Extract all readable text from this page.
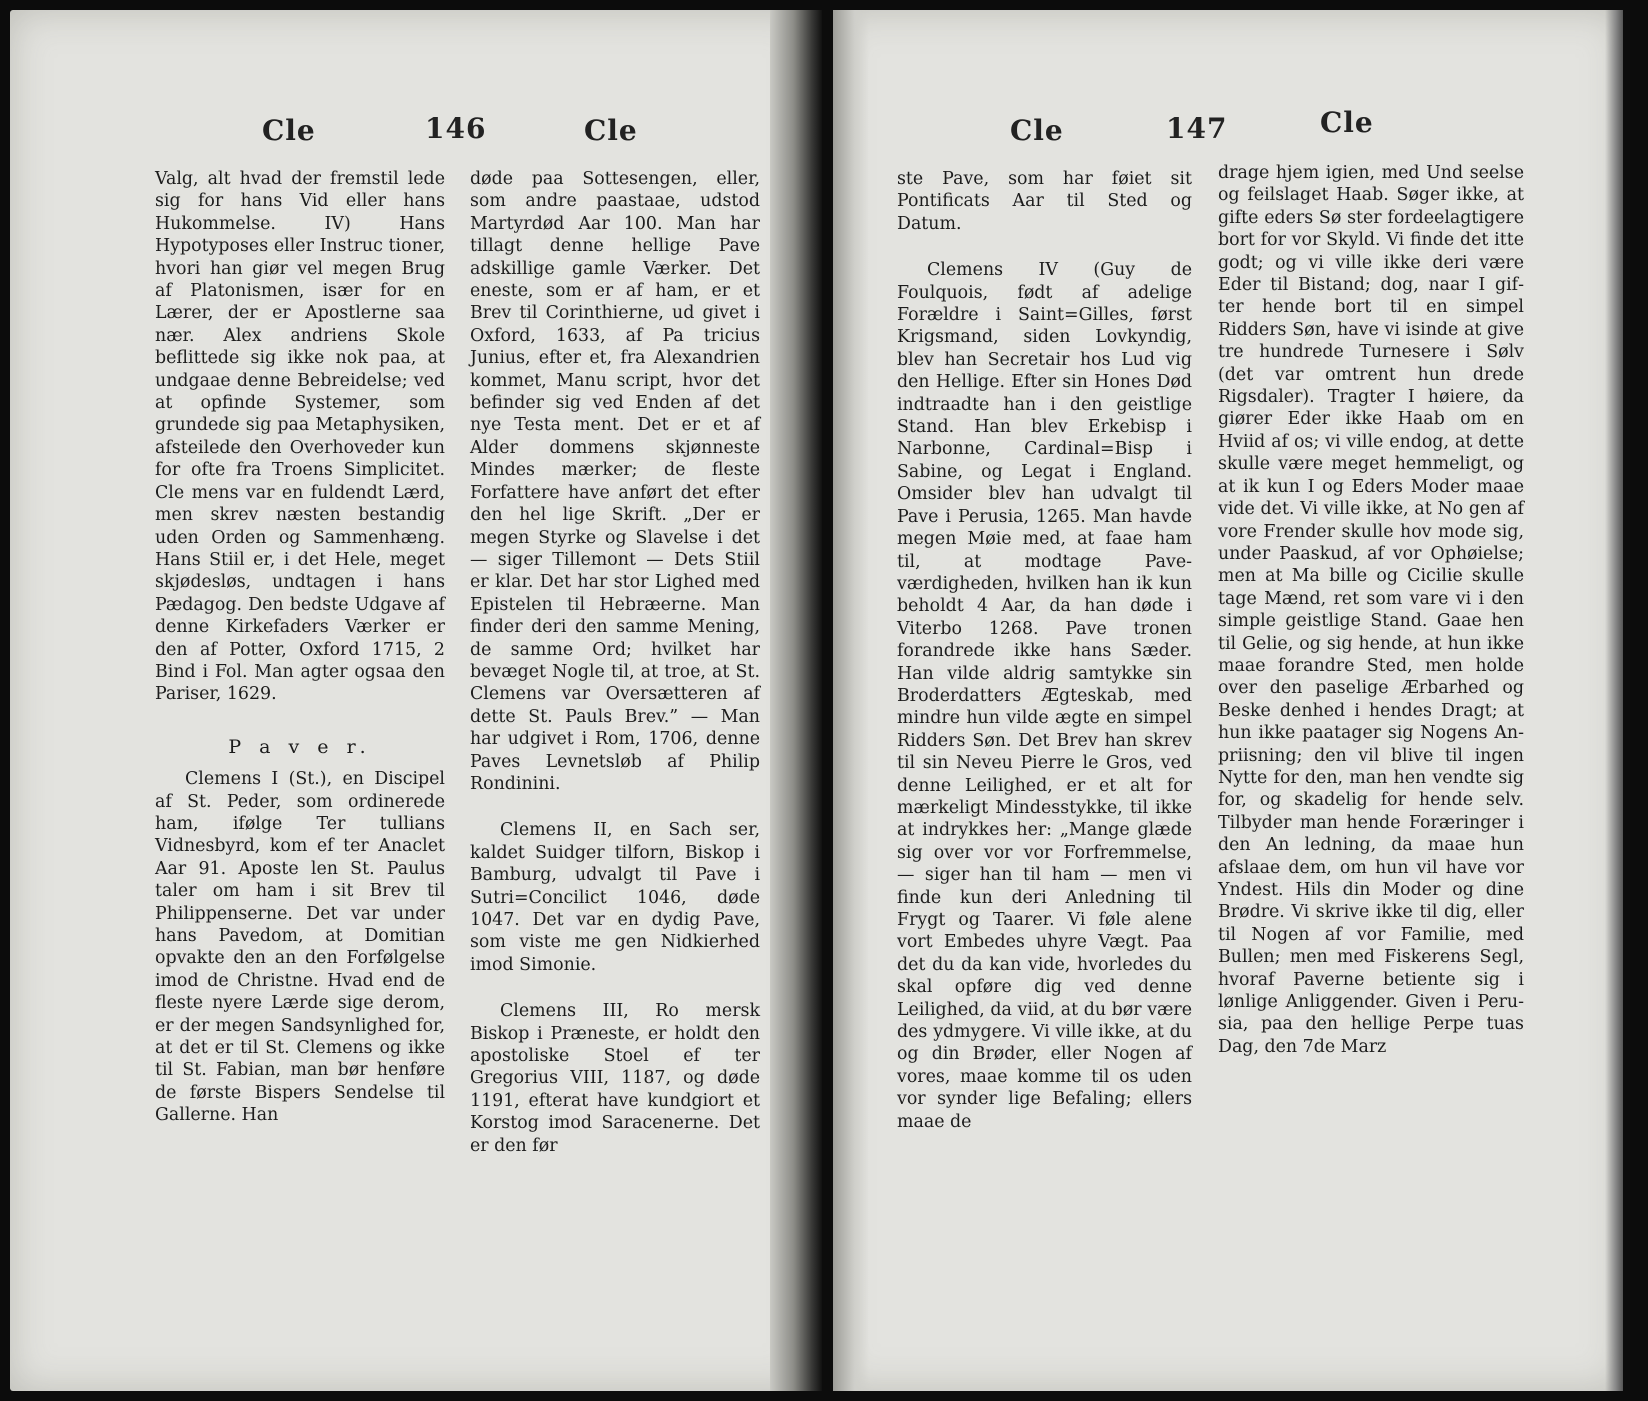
Cle	146	Cle	Cle	147	Cle

Valg, alt hvad der fremstil lede sig for hans Vid eller hans Hukommelse. IV) Hans Hypotyposes eller Instruc tioner, hvori han giør vel megen Brug af Platonismen, især for en Lærer, der er Apostlerne saa nær. Alex andriens Skole beflittede sig ikke nok paa, at undgaae denne Bebreidelse; ved at opfinde Systemer, som grundede sig paa Metaphysiken, afsteilede den Overhoveder kun for ofte fra Troens Simplicitet. Cle mens var en fuldendt Lærd, men skrev næsten bestandig uden Orden og Sammenhæng. Hans Stiil er, i det Hele, meget skjødesløs, undtagen i hans Pædagog. Den bedste Udgave af denne Kirkefaders Værker er den af Potter, Oxford 1715, 2 Bind i Fol. Man agter ogsaa den Pariser, 1629.

P a v e r.

Clemens I (St.), en Discipel af St. Peder, som ordinerede ham, ifølge Ter tullians Vidnesbyrd, kom ef ter Anaclet Aar 91. Aposte len St. Paulus taler om ham i sit Brev til Philippenserne. Det var under hans Pavedom, at Domitian opvakte den an den Forfølgelse imod de Christne. Hvad end de fleste nyere Lærde sige derom, er der megen Sandsynlighed for, at det er til St. Clemens og ikke til St. Fabian, man bør henføre de første Bispers Sendelse til Gallerne. Han

døde paa Sottesengen, eller, som andre paastaae, udstod Martyrdød Aar 100. Man har tillagt denne hellige Pave adskillige gamle Værker. Det eneste, som er af ham, er et Brev til Corinthierne, ud givet i Oxford, 1633, af Pa tricius Junius, efter et, fra Alexandrien kommet, Manu script, hvor det befinder sig ved Enden af det nye Testa ment. Det er et af Alder dommens skjønneste Mindes mærker; de fleste Forfattere have anført det efter den hel lige Skrift. „Der er megen Styrke og Slavelse i det — siger Tillemont — Dets Stiil er klar. Det har stor Lighed med Epistelen til Hebræerne. Man finder deri den samme Mening, de samme Ord; hvilket har bevæget Nogle til, at troe, at St. Clemens var Oversætteren af dette St. Pauls Brev.” — Man har udgivet i Rom, 1706, denne Paves Levnetsløb af Philip Rondinini.

Clemens II, en Sach ser, kaldet Suidger tilforn, Biskop i Bamburg, udvalgt til Pave i Sutri=Concilict 1046, døde 1047. Det var en dydig Pave, som viste me gen Nidkierhed imod Simonie.

Clemens III, Ro mersk Biskop i Præneste, er holdt den apostoliske Stoel ef ter Gregorius VIII, 1187, og døde 1191, efterat have kundgiort et Korstog imod Saracenerne. Det er den før

ste Pave, som har føiet sit Pontificats Aar til Sted og Datum.

Clemens IV (Guy de Foulquois, født af adelige Forældre i Saint=Gilles, først Krigsmand, siden Lovkyndig, blev han Secretair hos Lud vig den Hellige. Efter sin Hones Død indtraadte han i den geistlige Stand. Han blev Erkebisp i Narbonne, Cardinal=Bisp i Sabine, og Legat i England. Omsider blev han udvalgt til Pave i Perusia, 1265. Man havde megen Møie med, at faae ham til, at modtage Pave værdigheden, hvilken han ik kun beholdt 4 Aar, da han døde i Viterbo 1268. Pave tronen forandrede ikke hans Sæder. Han vilde aldrig samtykke sin Broderdatters Ægteskab, med mindre hun vilde ægte en simpel Ridders Søn. Det Brev han skrev til sin Neveu Pierre le Gros, ved denne Leilighed, er et alt for mærkeligt Mindesstykke, til ikke at indrykkes her: „Mange glæde sig over vor vor Forfremmelse, — siger han til ham — men vi finde kun deri Anledning til Frygt og Taarer. Vi føle alene vort Embedes uhyre Vægt. Paa det du da kan vide, hvorledes du skal opføre dig ved denne Leilighed, da viid, at du bør være des ydmygere. Vi ville ikke, at du og din Brøder, eller Nogen af vores, maae komme til os uden vor synder lige Befaling; ellers maae de

drage hjem igien, med Und seelse og feilslaget Haab. Søger ikke, at gifte eders Sø ster fordeelagtigere bort for vor Skyld. Vi finde det itte godt; og vi ville ikke deri være Eder til Bistand; dog, naar I gif ter hende bort til en simpel Ridders Søn, have vi isinde at give tre hundrede Turnesere i Sølv (det var omtrent hun drede Rigsdaler). Tragter I høiere, da giører Eder ikke Haab om en Hviid af os; vi ville endog, at dette skulle være meget hemmeligt, og at ik kun I og Eders Moder maae vide det. Vi ville ikke, at No gen af vore Frender skulle hov mode sig, under Paaskud, af vor Ophøielse; men at Ma bille og Cicilie skulle tage Mænd, ret som vare vi i den simple geistlige Stand. Gaae hen til Gelie, og sig hende, at hun ikke maae forandre Sted, men holde over den paselige Ærbarhed og Beske denhed i hendes Dragt; at hun ikke paatager sig Nogens An priisning; den vil blive til ingen Nytte for den, man hen vendte sig for, og skadelig for hende selv. Tilbyder man hende Foræringer i den An ledning, da maae hun afslaae dem, om hun vil have vor Yndest. Hils din Moder og dine Brødre. Vi skrive ikke til dig, eller til Nogen af vor Familie, med Bullen; men med Fiskerens Segl, hvoraf Paverne betiente sig i lønlige Anliggender. Given i Peru sia, paa den hellige Perpe tuas Dag, den 7de Marz
